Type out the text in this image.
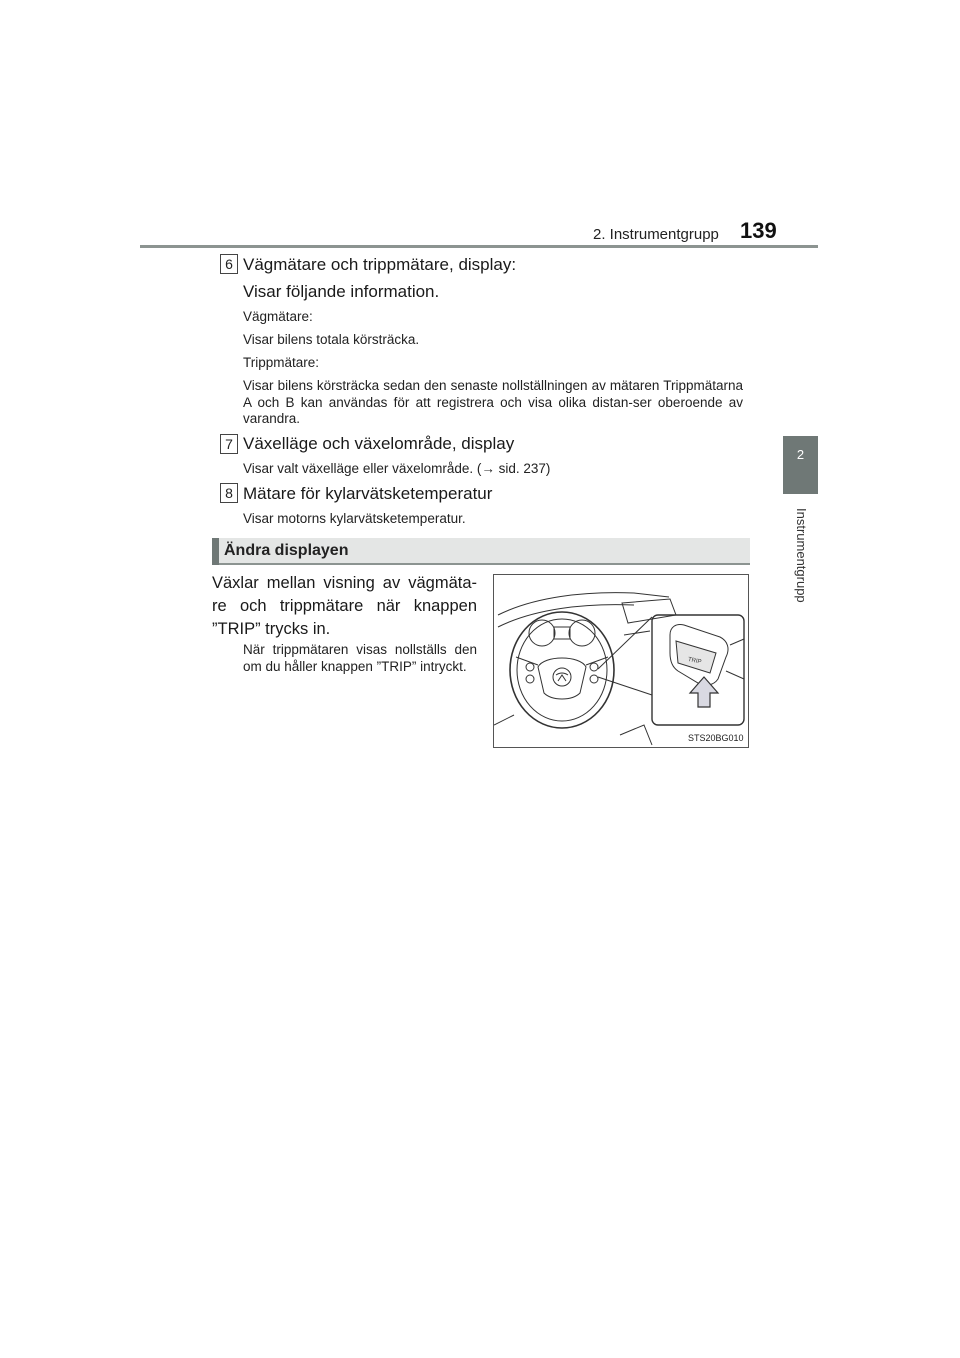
2. Instrumentgrupp 139
2
Instrumentgrupp
6 Vägmätare och trippmätare, display:
Visar följande information.
Vägmätare:
Visar bilens totala körsträcka.
Trippmätare:
Visar bilens körsträcka sedan den senaste nollställningen av mätaren Trippmätarna A och B kan användas för att registrera och visa olika distan-ser oberoende av varandra.
7 Växelläge och växelområde, display
Visar valt växelläge eller växelområde. (→ sid. 237)
8 Mätare för kylarvätsketemperatur
Visar motorns kylarvätsketemperatur.
Ändra displayen
Växlar mellan visning av vägmäta-re och trippmätare när knappen ”TRIP” trycks in.
När trippmätaren visas nollställs den om du håller knappen ”TRIP” intryckt.	TRIP
STS20BG010
